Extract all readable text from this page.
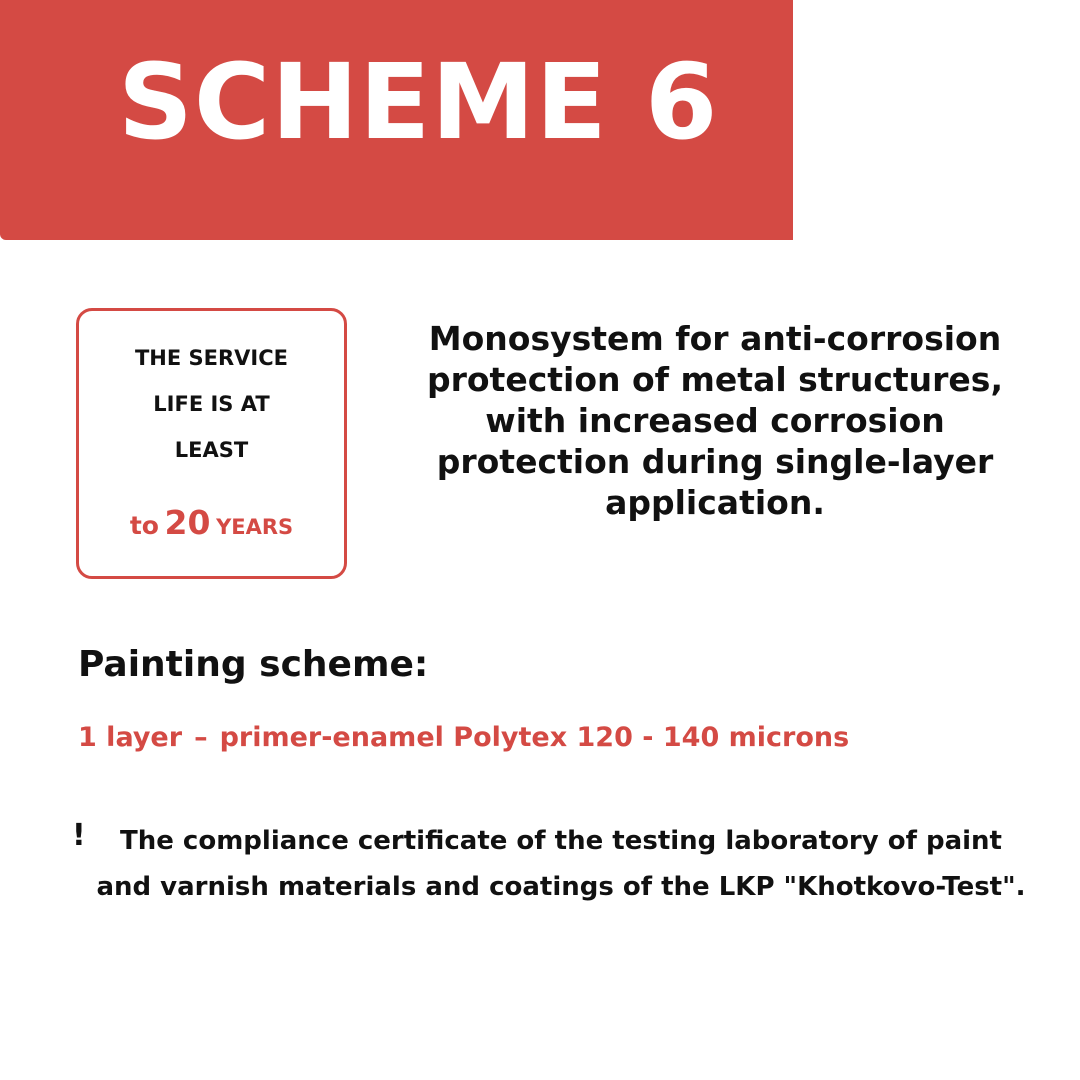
SCHEME 6
THE SERVICE LIFE IS AT LEAST
to 20 YEARS
Monosystem for anti-corrosion protection of metal structures, with increased corrosion protection during single-layer application.
Painting scheme:
1 layer – primer-enamel Polytex 120 - 140 microns
!	The compliance certificate of the testing laboratory of paint and varnish materials and coatings of the LKP "Khotkovo-Test".
